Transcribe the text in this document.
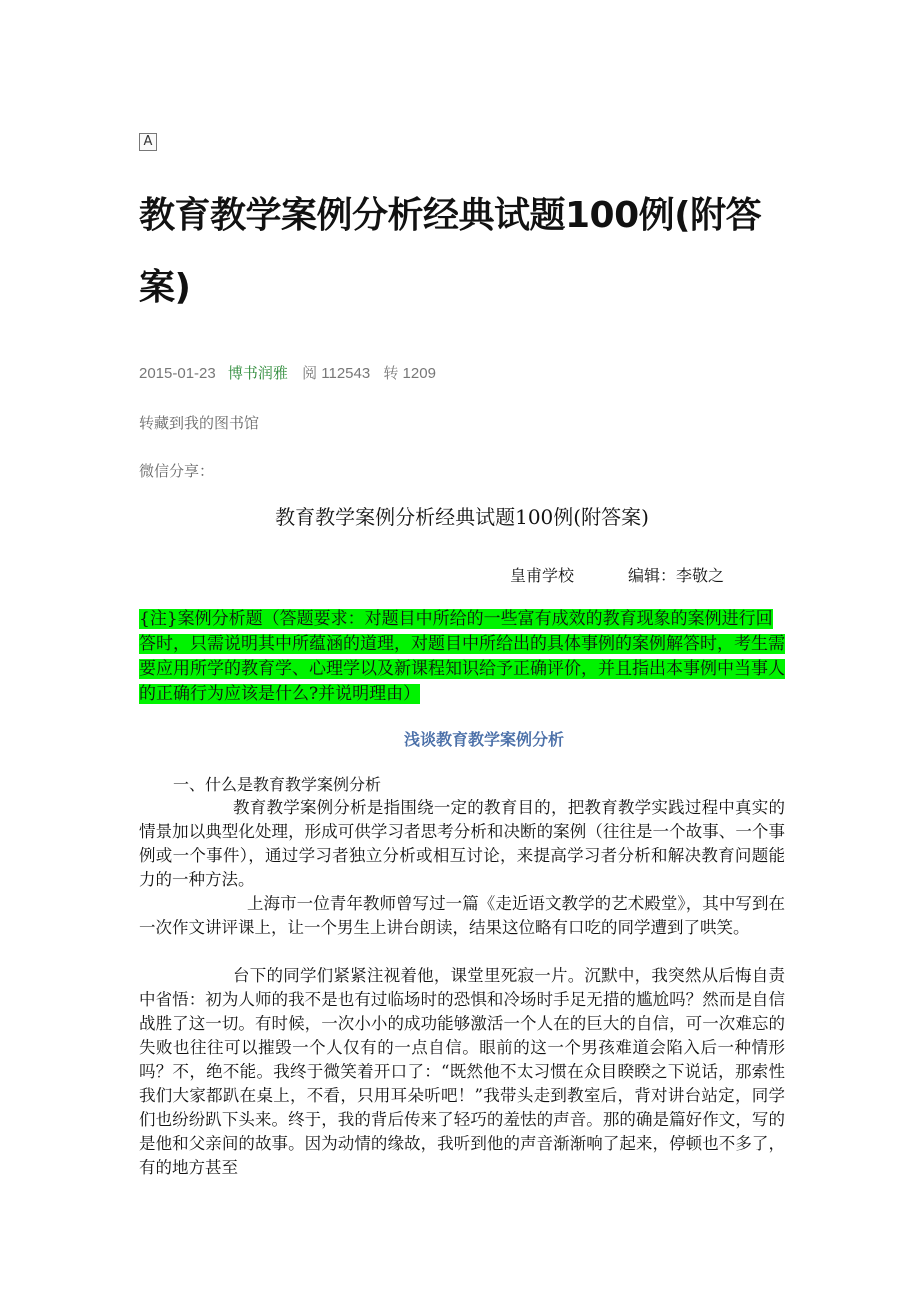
A
教育教学案例分析经典试题100例(附答案)
2015-01-23 博书润雅 阅 112543 转 1209
转藏到我的图书馆
微信分享：
教育教学案例分析经典试题100例(附答案)
皇甫学校	编辑：李敬之
{注}案例分析题（答题要求：对题目中所给的一些富有成效的教育现象的案例进行回答时，只需说明其中所蕴涵的道理，对题目中所给出的具体事例的案例解答时，考生需要应用所学的教育学、心理学以及新课程知识给予正确评价，并且指出本事例中当事人的正确行为应该是什么?并说明理由）
浅谈教育教学案例分析
一、什么是教育教学案例分析

教育教学案例分析是指围绕一定的教育目的，把教育教学实践过程中真实的情景加以典型化处理，形成可供学习者思考分析和决断的案例（往往是一个故事、一个事例或一个事件），通过学习者独立分析或相互讨论，来提高学习者分析和解决教育问题能力的一种方法。

上海市一位青年教师曾写过一篇《走近语文教学的艺术殿堂》，其中写到在一次作文讲评课上，让一个男生上讲台朗读，结果这位略有口吃的同学遭到了哄笑。

台下的同学们紧紧注视着他，课堂里死寂一片。沉默中，我突然从后悔自责中省悟：初为人师的我不是也有过临场时的恐惧和冷场时手足无措的尴尬吗？然而是自信战胜了这一切。有时候，一次小小的成功能够激活一个人在的巨大的自信，可一次难忘的失败也往往可以摧毁一个人仅有的一点自信。眼前的这一个男孩难道会陷入后一种情形吗？不，绝不能。我终于微笑着开口了：“既然他不太习惯在众目睽睽之下说话，那索性我们大家都趴在桌上，不看，只用耳朵听吧！”我带头走到教室后，背对讲台站定，同学们也纷纷趴下头来。终于，我的背后传来了轻巧的羞怯的声音。那的确是篇好作文，写的是他和父亲间的故事。因为动情的缘故，我听到他的声音渐渐响了起来，停顿也不多了，有的地方甚至
